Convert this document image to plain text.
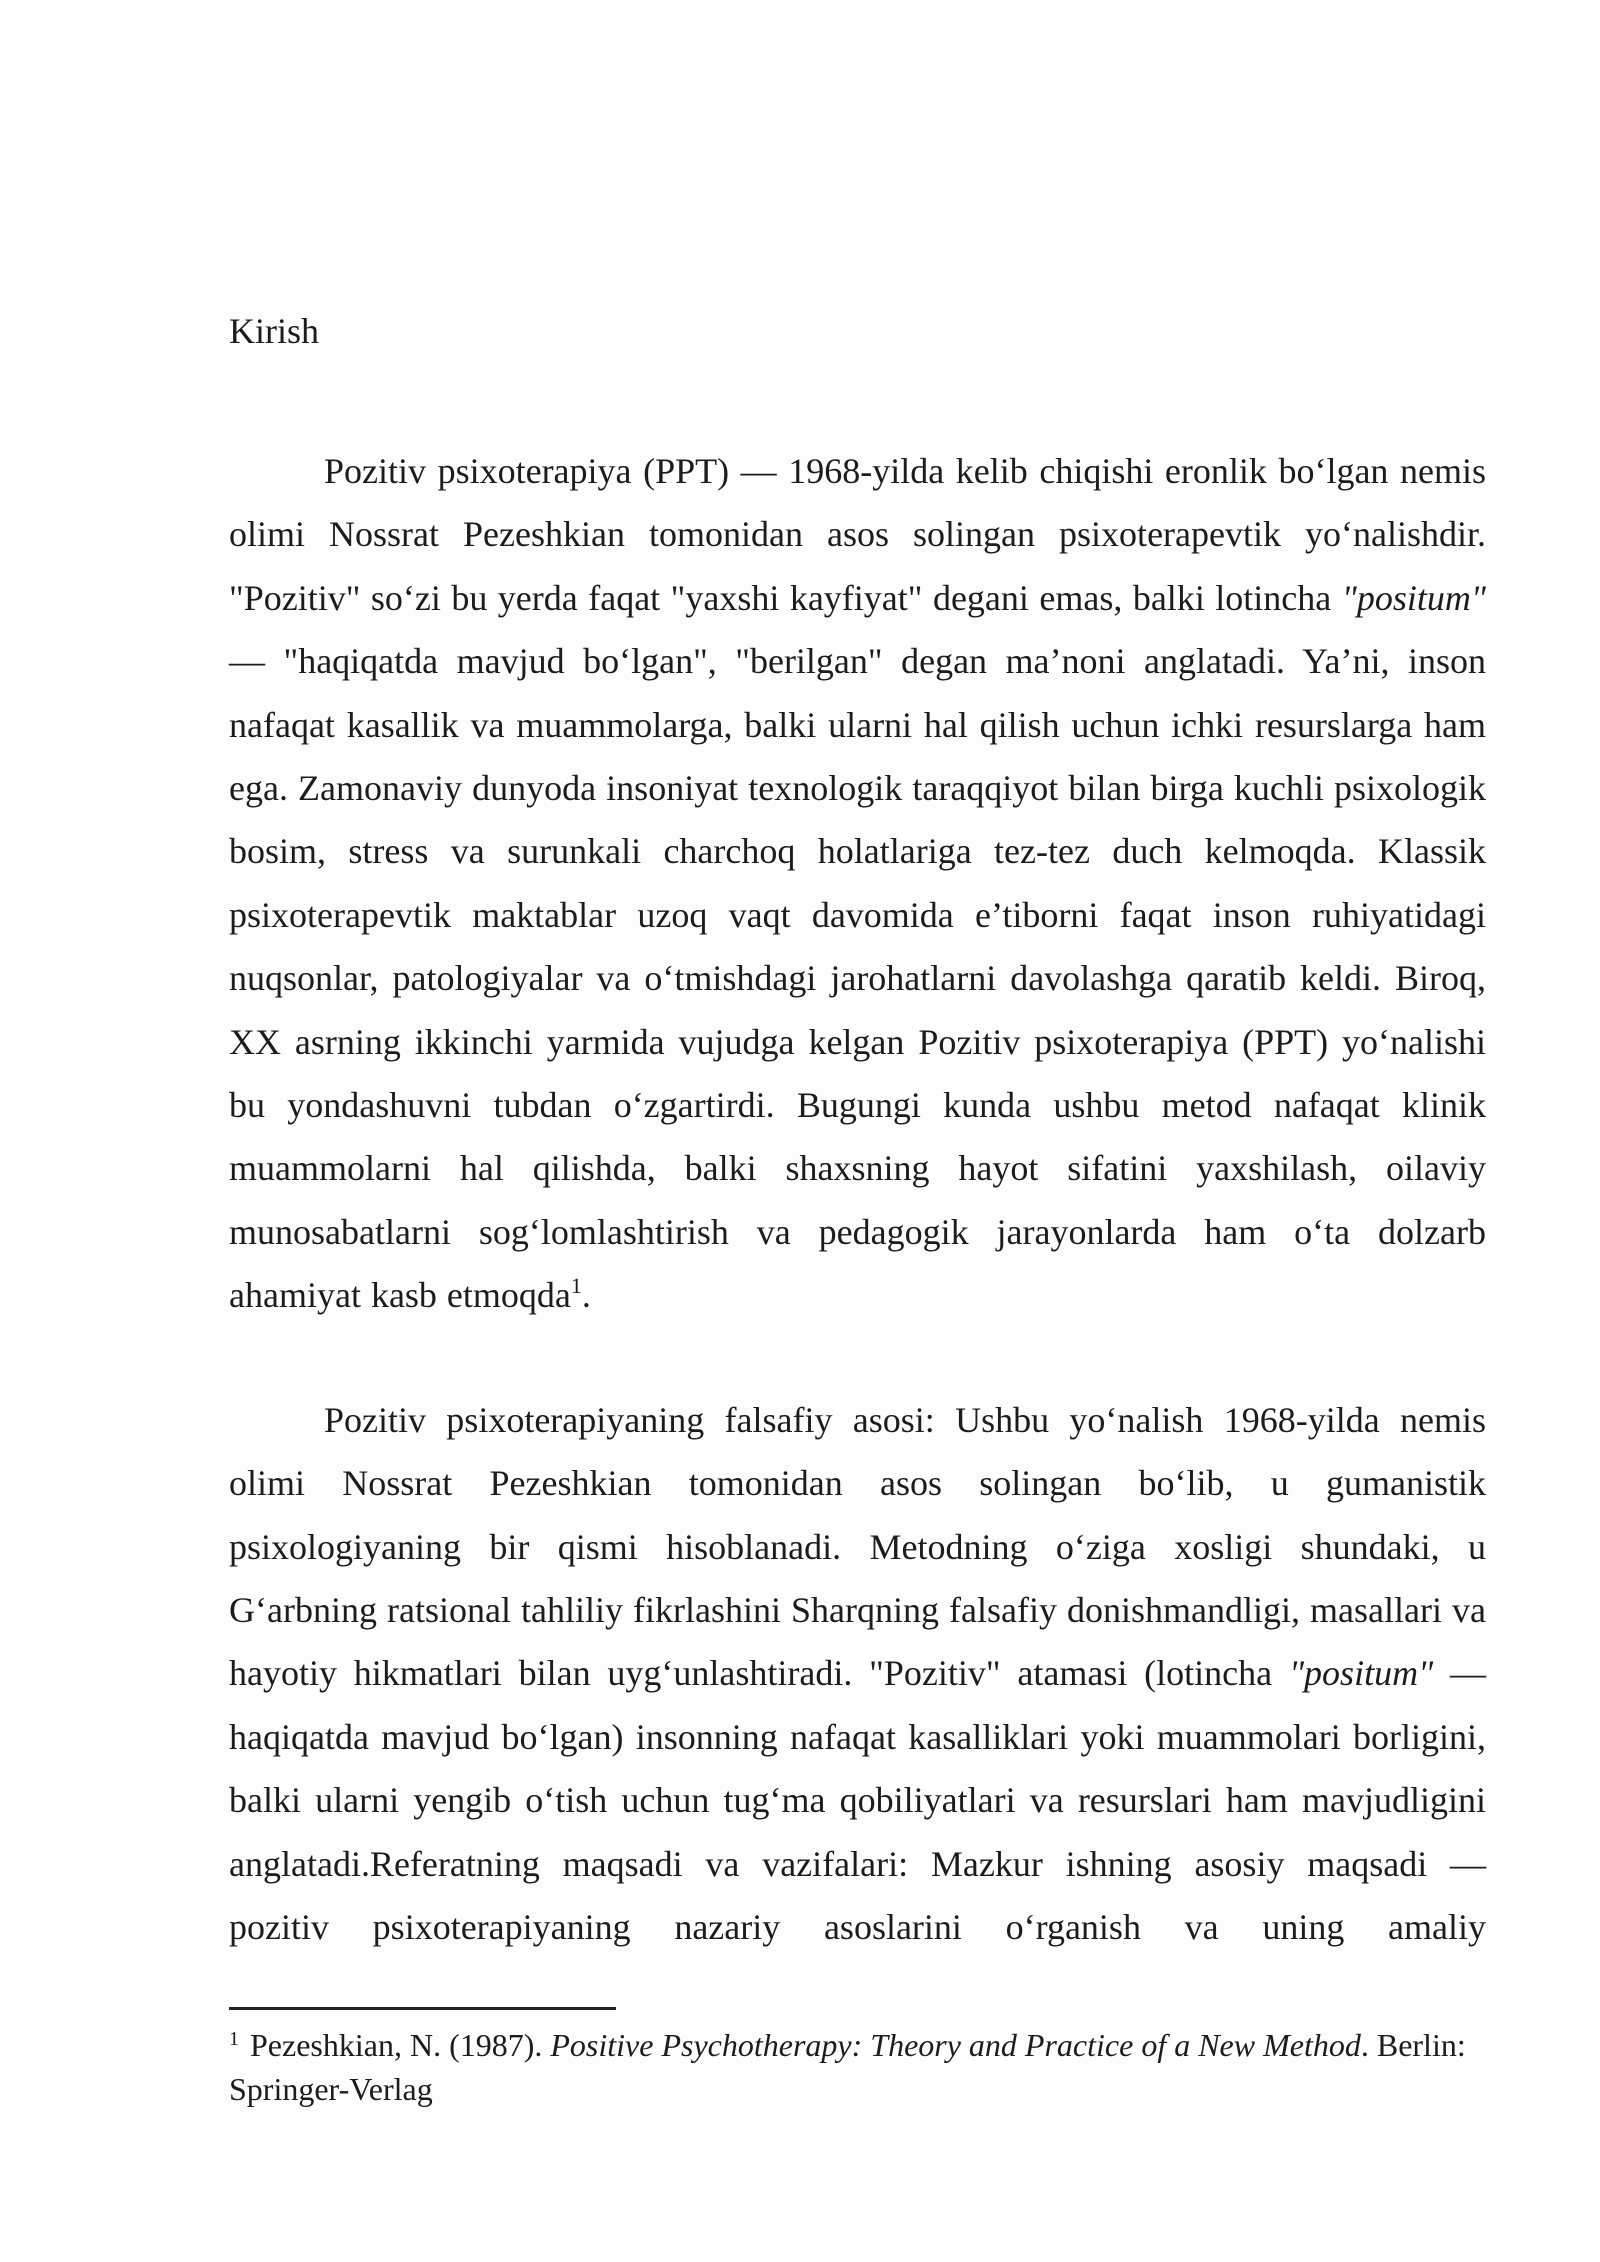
Kirish

Pozitiv psixoterapiya (PPT) — 1968-yilda kelib chiqishi eronlik bo‘lgan nemis olimi Nossrat Pezeshkian tomonidan asos solingan psixoterapevtik yo‘nalishdir. "Pozitiv" so‘zi bu yerda faqat "yaxshi kayfiyat" degani emas, balki lotincha "positum" — "haqiqatda mavjud bo‘lgan", "berilgan" degan ma’noni anglatadi. Ya’ni, inson nafaqat kasallik va muammolarga, balki ularni hal qilish uchun ichki resurslarga ham ega. Zamonaviy dunyoda insoniyat texnologik taraqqiyot bilan birga kuchli psixologik bosim, stress va surunkali charchoq holatlariga tez-tez duch kelmoqda. Klassik psixoterapevtik maktablar uzoq vaqt davomida e’tiborni faqat inson ruhiyatidagi nuqsonlar, patologiyalar va o‘tmishdagi jarohatlarni davolashga qaratib keldi. Biroq, XX asrning ikkinchi yarmida vujudga kelgan Pozitiv psixoterapiya (PPT) yo‘nalishi bu yondashuvni tubdan o‘zgartirdi. Bugungi kunda ushbu metod nafaqat klinik muammolarni hal qilishda, balki shaxsning hayot sifatini yaxshilash, oilaviy munosabatlarni sog‘lomlashtirish va pedagogik jarayonlarda ham o‘ta dolzarb ahamiyat kasb etmoqda$^1$.

Pozitiv psixoterapiyaning falsafiy asosi: Ushbu yo‘nalish 1968-yilda nemis olimi Nossrat Pezeshkian tomonidan asos solingan bo‘lib, u gumanistik psixologiyaning bir qismi hisoblanadi. Metodning o‘ziga xosligi shundaki, u G‘arbning ratsional tahliliy fikrlashini Sharqning falsafiy donishmandligi, masallari va hayotiy hikmatlari bilan uyg‘unlashtiradi. "Pozitiv" atamasi (lotincha "positum" — haqiqatda mavjud bo‘lgan) insonning nafaqat kasalliklari yoki muammolari borligini, balki ularni yengib o‘tish uchun tug‘ma qobiliyatlari va resurslari ham mavjudligini anglatadi.Referatning maqsadi va vazifalari: Mazkur ishning asosiy maqsadi — pozitiv psixoterapiyaning nazariy asoslarini o‘rganish va uning amaliy

$^1$ Pezeshkian, N. (1987). Positive Psychotherapy: Theory and Practice of a New Method. Berlin: Springer-Verlag
